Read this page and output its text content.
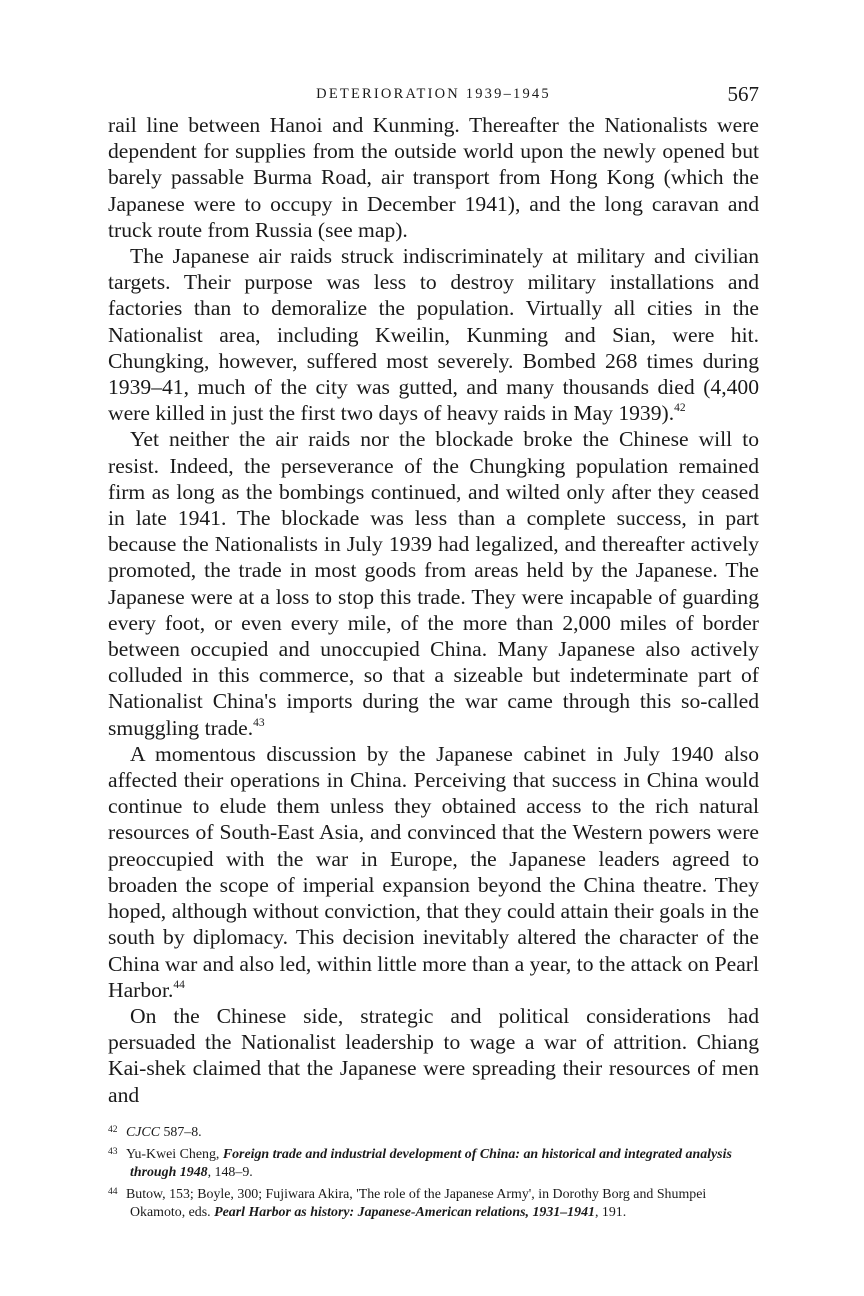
DETERIORATION 1939–1945	567

rail line between Hanoi and Kunming. Thereafter the Nationalists were dependent for supplies from the outside world upon the newly opened but barely passable Burma Road, air transport from Hong Kong (which the Japanese were to occupy in December 1941), and the long caravan and truck route from Russia (see map).

The Japanese air raids struck indiscriminately at military and civilian targets. Their purpose was less to destroy military installations and factories than to demoralize the population. Virtually all cities in the Nationalist area, including Kweilin, Kunming and Sian, were hit. Chungking, however, suffered most severely. Bombed 268 times during 1939–41, much of the city was gutted, and many thousands died (4,400 were killed in just the first two days of heavy raids in May 1939).$^{42}$

Yet neither the air raids nor the blockade broke the Chinese will to resist. Indeed, the perseverance of the Chungking population remained firm as long as the bombings continued, and wilted only after they ceased in late 1941. The blockade was less than a complete success, in part because the Nationalists in July 1939 had legalized, and thereafter actively promoted, the trade in most goods from areas held by the Japanese. The Japanese were at a loss to stop this trade. They were incapable of guarding every foot, or even every mile, of the more than 2,000 miles of border between occupied and unoccupied China. Many Japanese also actively colluded in this commerce, so that a sizeable but indeterminate part of Nationalist China's imports during the war came through this so-called smuggling trade.$^{43}$

A momentous discussion by the Japanese cabinet in July 1940 also affected their operations in China. Perceiving that success in China would continue to elude them unless they obtained access to the rich natural resources of South-East Asia, and convinced that the Western powers were preoccupied with the war in Europe, the Japanese leaders agreed to broaden the scope of imperial expansion beyond the China theatre. They hoped, although without conviction, that they could attain their goals in the south by diplomacy. This decision inevitably altered the character of the China war and also led, within little more than a year, to the attack on Pearl Harbor.$^{44}$

On the Chinese side, strategic and political considerations had persuaded the Nationalist leadership to wage a war of attrition. Chiang Kai-shek claimed that the Japanese were spreading their resources of men and

$^{42}$ CJCC 587–8.

$^{43}$ Yu-Kwei Cheng, Foreign trade and industrial development of China: an historical and integrated analysis through 1948, 148–9.

$^{44}$ Butow, 153; Boyle, 300; Fujiwara Akira, 'The role of the Japanese Army', in Dorothy Borg and Shumpei Okamoto, eds. Pearl Harbor as history: Japanese-American relations, 1931–1941, 191.
